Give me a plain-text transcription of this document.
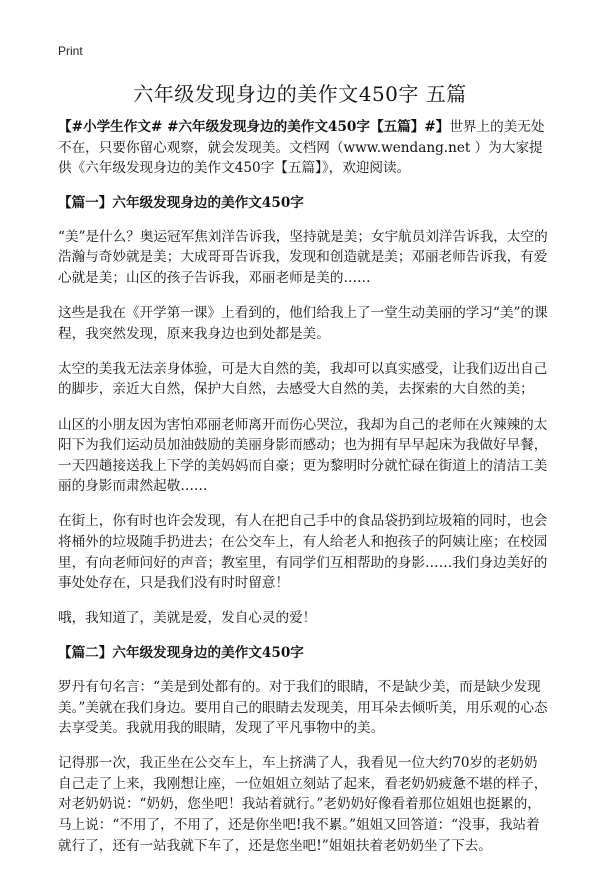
Print
六年级发现身边的美作文450字 五篇

【#小学生作文# #六年级发现身边的美作文450字【五篇】#】世界上的美无处不在，只要你留心观察，就会发现美。文档网（www.wendang.net ）为大家提供《六年级发现身边的美作文450字【五篇】》，欢迎阅读。

【篇一】六年级发现身边的美作文450字

“美”是什么？奥运冠军焦刘洋告诉我，坚持就是美；女宇航员刘洋告诉我，太空的浩瀚与奇妙就是美；大成哥哥告诉我，发现和创造就是美；邓丽老师告诉我，有爱心就是美；山区的孩子告诉我，邓丽老师是美的……

这些是我在《开学第一课》上看到的，他们给我上了一堂生动美丽的学习“美”的课程，我突然发现，原来我身边也到处都是美。

太空的美我无法亲身体验，可是大自然的美，我却可以真实感受，让我们迈出自己的脚步，亲近大自然，保护大自然，去感受大自然的美，去探索的大自然的美；

山区的小朋友因为害怕邓丽老师离开而伤心哭泣，我却为自己的老师在火辣辣的太阳下为我们运动员加油鼓励的美丽身影而感动；也为拥有早早起床为我做好早餐，一天四趟接送我上下学的美妈妈而自豪；更为黎明时分就忙碌在街道上的清洁工美丽的身影而肃然起敬……

在街上，你有时也许会发现，有人在把自己手中的食品袋扔到垃圾箱的同时，也会将桶外的垃圾随手扔进去；在公交车上，有人给老人和抱孩子的阿姨让座；在校园里，有向老师问好的声音；教室里，有同学们互相帮助的身影……我们身边美好的事处处存在，只是我们没有时时留意！

哦，我知道了，美就是爱，发自心灵的爱！

【篇二】六年级发现身边的美作文450字

罗丹有句名言：“美是到处都有的。对于我们的眼睛，不是缺少美，而是缺少发现美。”美就在我们身边。要用自己的眼睛去发现美，用耳朵去倾听美，用乐观的心态去享受美。我就用我的眼睛，发现了平凡事物中的美。

记得那一次，我正坐在公交车上，车上挤满了人，我看见一位大约70岁的老奶奶自己走了上来，我刚想让座，一位姐姐立刻站了起来，看老奶奶疲惫不堪的样子，对老奶奶说：“奶奶，您坐吧！我站着就行。”老奶奶好像看着那位姐姐也挺累的，马上说：“不用了，不用了，还是你坐吧!我不累。”姐姐又回答道：“没事，我站着就行了，还有一站我就下车了，还是您坐吧!”姐姐扶着老奶奶坐了下去。
